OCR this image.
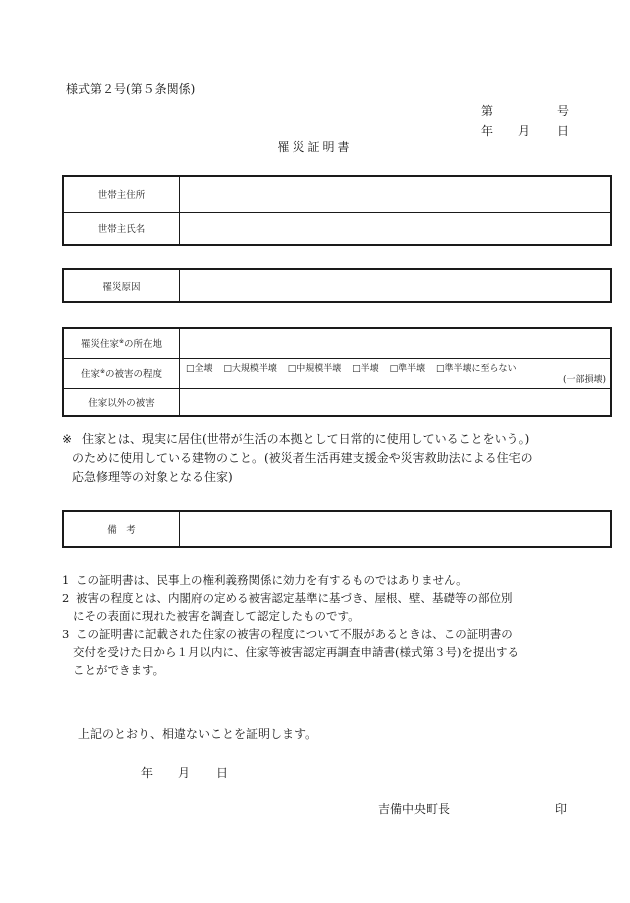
様式第２号(第５条関係)
第	号
年 月 日
罹災証明書
世帯主住所	
世帯主氏名	
罹災原因	
罹災住家※の所在地	
住家※の被害の程度	□全壊 □大規模半壊 □中規模半壊 □半壊 □準半壊 □準半壊に至らない
(一部損壊)

住家以外の被害	
※ 住家とは、現実に居住(世帯が生活の本拠として日常的に使用していることをいう。)
のために使用している建物のこと。(被災者生活再建支援金や災害救助法による住宅の
応急修理等の対象となる住家)
備　考	
1 この証明書は、民事上の権利義務関係に効力を有するものではありません。
2 被害の程度とは、内閣府の定める被害認定基準に基づき、屋根、壁、基礎等の部位別
にその表面に現れた被害を調査して認定したものです。
3 この証明書に記載された住家の被害の程度について不服があるときは、この証明書の
交付を受けた日から１月以内に、住家等被害認定再調査申請書(様式第３号)を提出する
ことができます。
上記のとおり、相違ないことを証明します。
年 月 日
吉備中央町長	印
